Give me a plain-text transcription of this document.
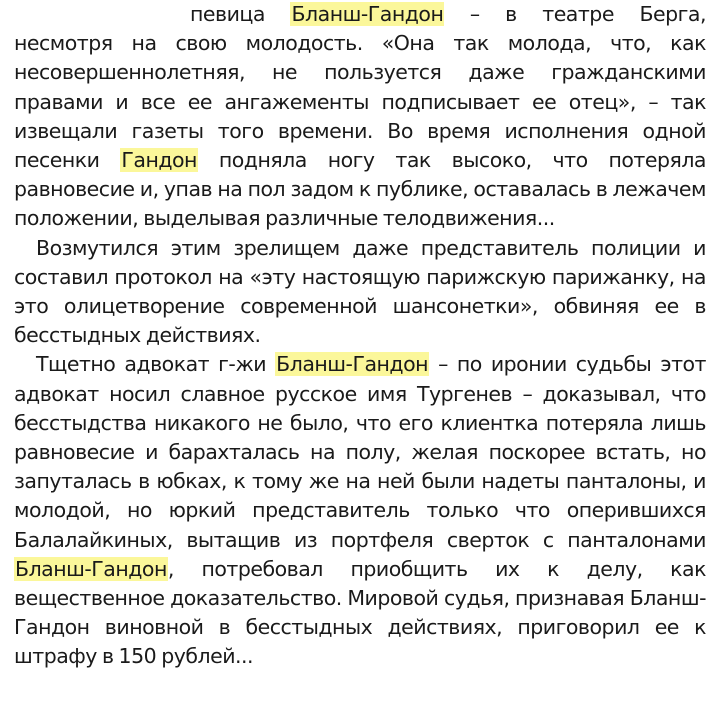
певица Бланш-Гандон – в театре Берга, несмотря на свою молодость. «Она так молода, что, как несовершеннолетняя, не пользуется даже гражданскими правами и все ее ангажементы подписывает ее отец», – так извещали газеты того времени. Во время исполнения одной песенки Гандон подняла ногу так высоко, что потеряла равновесие и, упав на пол задом к публике, оставалась в лежачем положении, выделывая различные телодвижения...

Возмутился этим зрелищем даже представитель полиции и составил протокол на «эту настоящую парижскую парижанку, на это олицетворение современной шансонетки», обвиняя ее в бесстыдных действиях.

Тщетно адвокат г-жи Бланш-Гандон – по иронии судьбы этот адвокат носил славное русское имя Тургенев – доказывал, что бесстыдства никакого не было, что его клиентка потеряла лишь равновесие и барахталась на полу, желая поскорее встать, но запуталась в юбках, к тому же на ней были надеты панталоны, и молодой, но юркий представитель только что оперившихся Балалайкиных, вытащив из портфеля сверток с панталонами Бланш-Гандон, потребовал приобщить их к делу, как вещественное доказательство. Мировой судья, признавая Бланш-Гандон виновной в бесстыдных действиях, приговорил ее к штрафу в 150 рублей...
